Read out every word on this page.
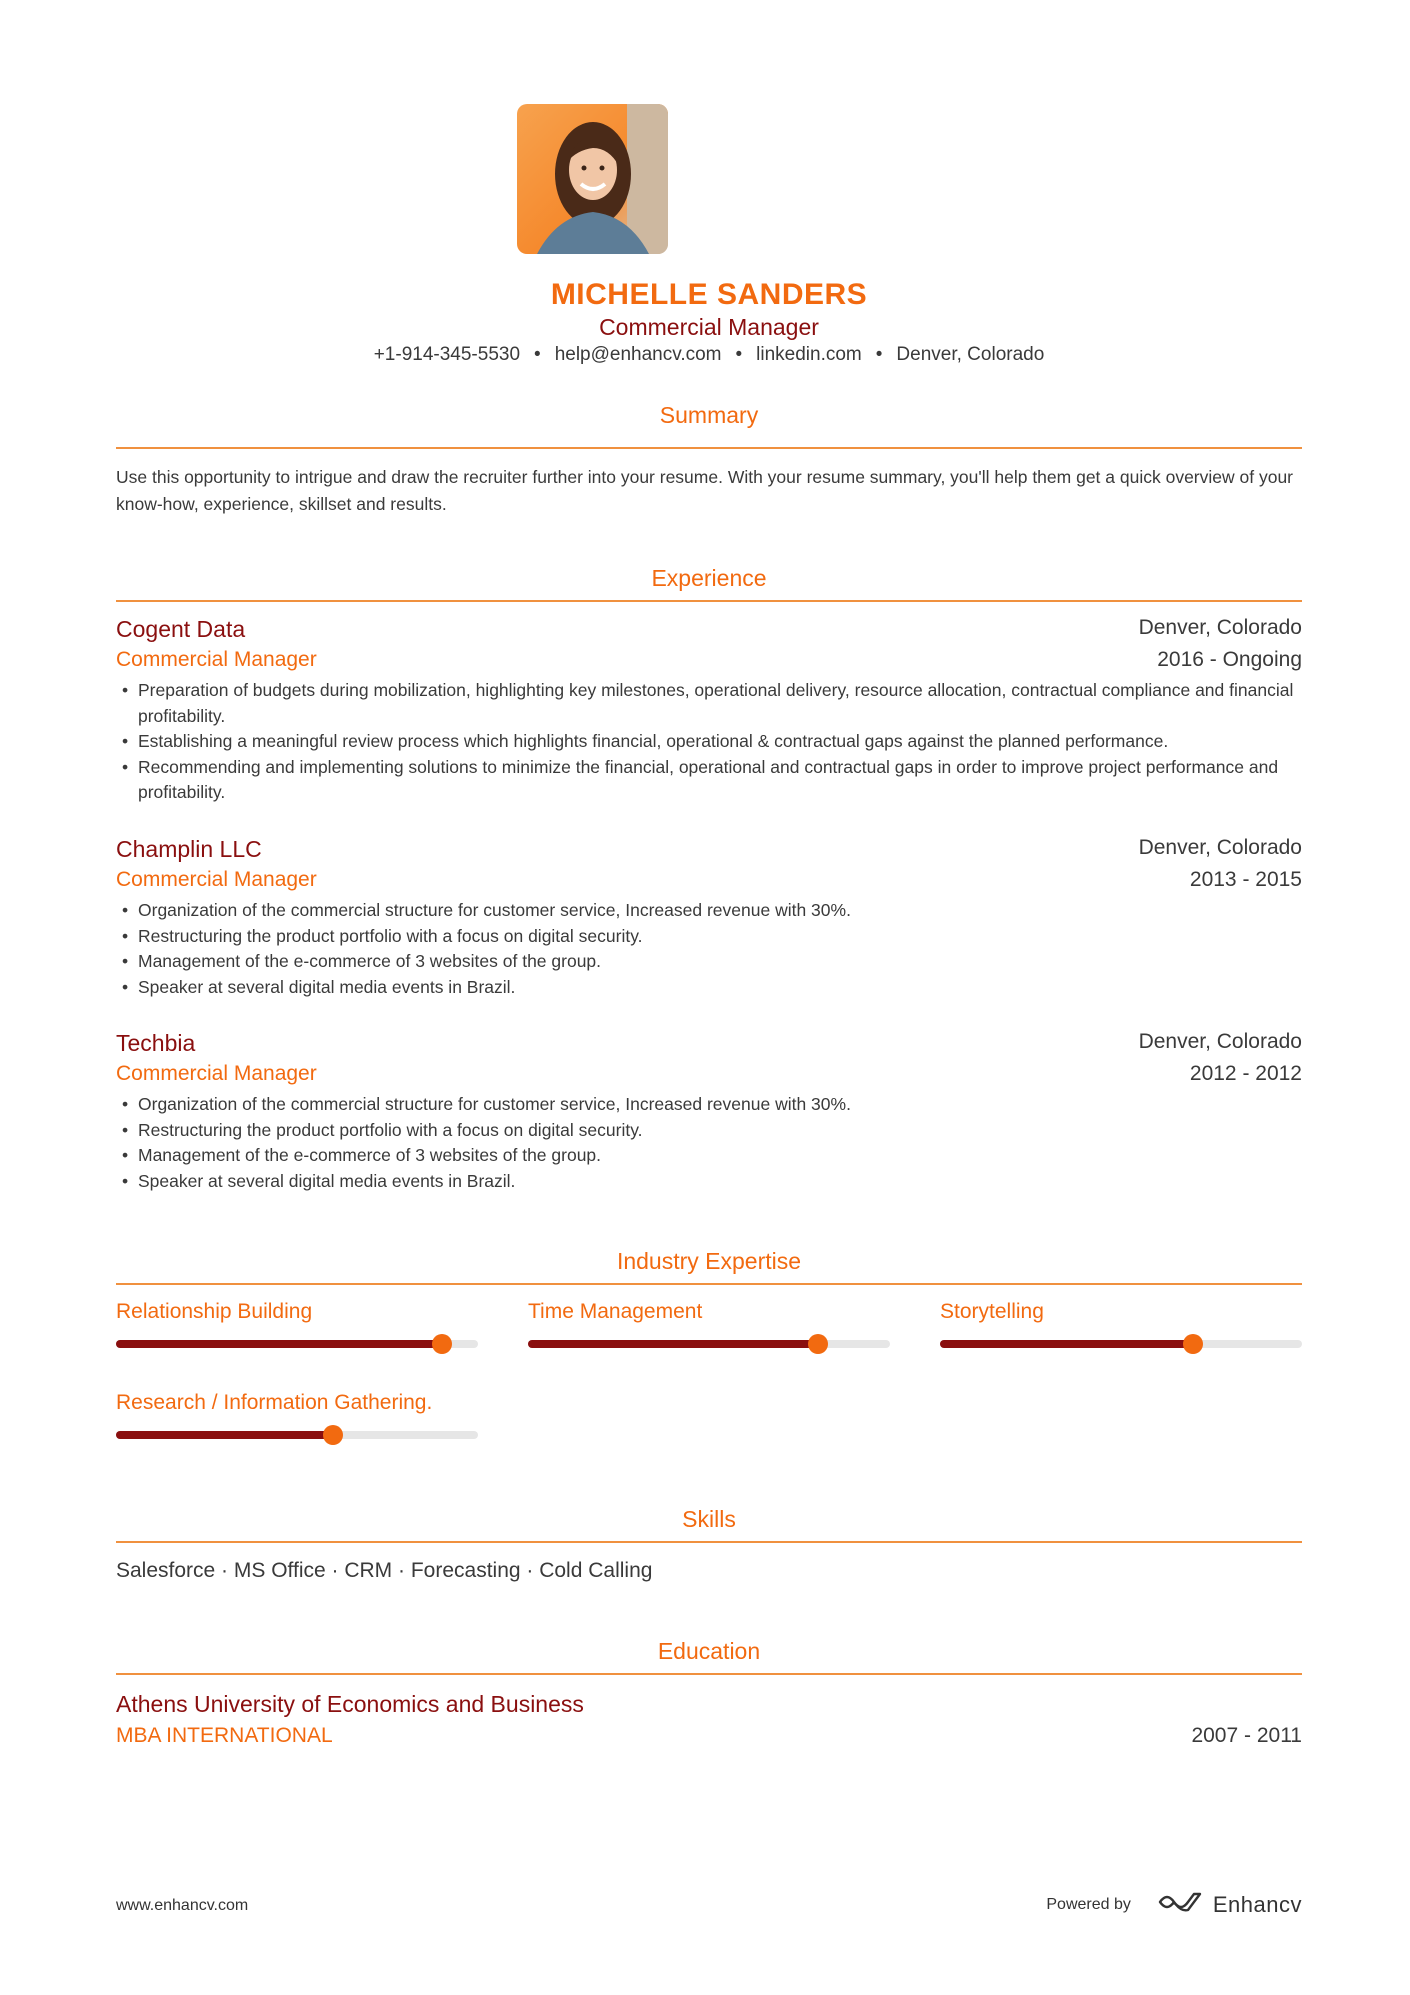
MICHELLE SANDERS
Commercial Manager
+1-914-345-5530 • help@enhancv.com • linkedin.com • Denver, Colorado
Summary
Use this opportunity to intrigue and draw the recruiter further into your resume. With your resume summary, you'll help them get a quick overview of your know-how, experience, skillset and results.
Experience
Cogent Data	Denver, Colorado
Commercial Manager	2016 - Ongoing
• Preparation of budgets during mobilization, highlighting key milestones, operational delivery, resource allocation, contractual compliance and financial profitability.
• Establishing a meaningful review process which highlights financial, operational & contractual gaps against the planned performance.
• Recommending and implementing solutions to minimize the financial, operational and contractual gaps in order to improve project performance and profitability.
Champlin LLC	Denver, Colorado
Commercial Manager	2013 - 2015
• Organization of the commercial structure for customer service, Increased revenue with 30%.
• Restructuring the product portfolio with a focus on digital security.
• Management of the e-commerce of 3 websites of the group.
• Speaker at several digital media events in Brazil.
Techbia	Denver, Colorado
Commercial Manager	2012 - 2012
• Organization of the commercial structure for customer service, Increased revenue with 30%.
• Restructuring the product portfolio with a focus on digital security.
• Management of the e-commerce of 3 websites of the group.
• Speaker at several digital media events in Brazil.
Industry Expertise
Relationship Building	Time Management	Storytelling
Research / Information Gathering.
Skills
Salesforce · MS Office · CRM · Forecasting · Cold Calling
Education
Athens University of Economics and Business
MBA INTERNATIONAL	2007 - 2011
www.enhancv.com	Powered by	Enhancv
